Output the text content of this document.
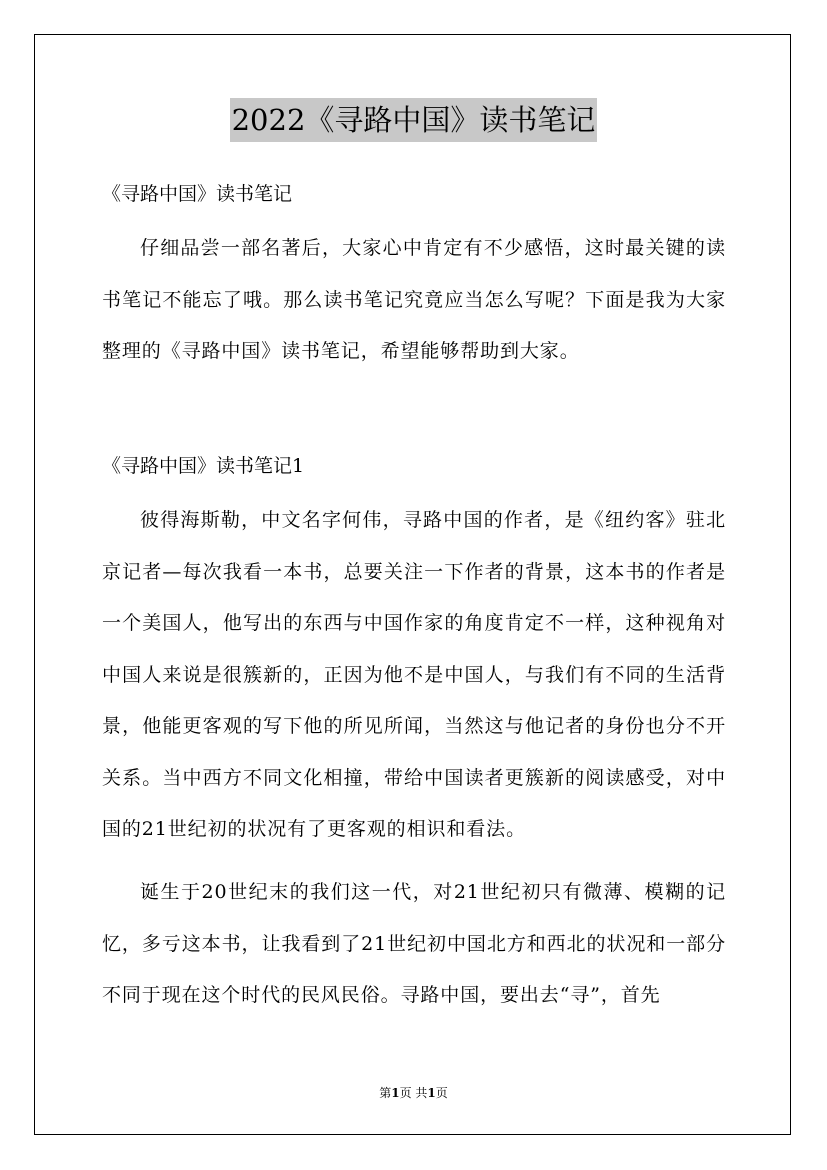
2022《寻路中国》读书笔记
《寻路中国》读书笔记

仔细品尝一部名著后，大家心中肯定有不少感悟，这时最关键的读书笔记不能忘了哦。那么读书笔记究竟应当怎么写呢？下面是我为大家整理的《寻路中国》读书笔记，希望能够帮助到大家。

《寻路中国》读书笔记1

彼得海斯勒，中文名字何伟，寻路中国的作者，是《纽约客》驻北京记者—每次我看一本书，总要关注一下作者的背景，这本书的作者是一个美国人，他写出的东西与中国作家的角度肯定不一样，这种视角对中国人来说是很簇新的，正因为他不是中国人，与我们有不同的生活背景，他能更客观的写下他的所见所闻，当然这与他记者的身份也分不开关系。当中西方不同文化相撞，带给中国读者更簇新的阅读感受，对中国的21世纪初的状况有了更客观的相识和看法。

诞生于20世纪末的我们这一代，对21世纪初只有微薄、模糊的记忆，多亏这本书，让我看到了21世纪初中国北方和西北的状况和一部分不同于现在这个时代的民风民俗。寻路中国，要出去“寻”，首先

第1页 共1页
